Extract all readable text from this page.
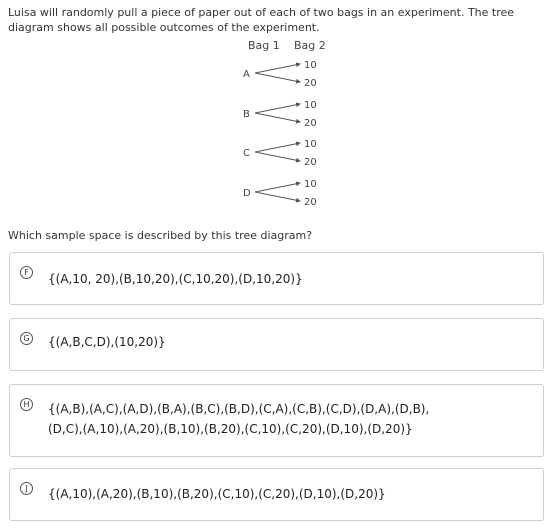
Luisa will randomly pull a piece of paper out of each of two bags in an experiment. The tree diagram shows all possible outcomes of the experiment.
Bag 1 Bag 2
A
10
20
B
10
20
C
10
20
D
10
20
Which sample space is described by this tree diagram?
F	{(A,10, 20),(B,10,20),(C,10,20),(D,10,20)}
G {(A,B,C,D),(10,20)}
H {(A,B),(A,C),(A,D),(B,A),(B,C),(B,D),(C,A),(C,B),(C,D),(D,A),(D,B),
(D,C),(A,10),(A,20),(B,10),(B,20),(C,10),(C,20),(D,10),(D,20)}
J	{(A,10),(A,20),(B,10),(B,20),(C,10),(C,20),(D,10),(D,20)}
